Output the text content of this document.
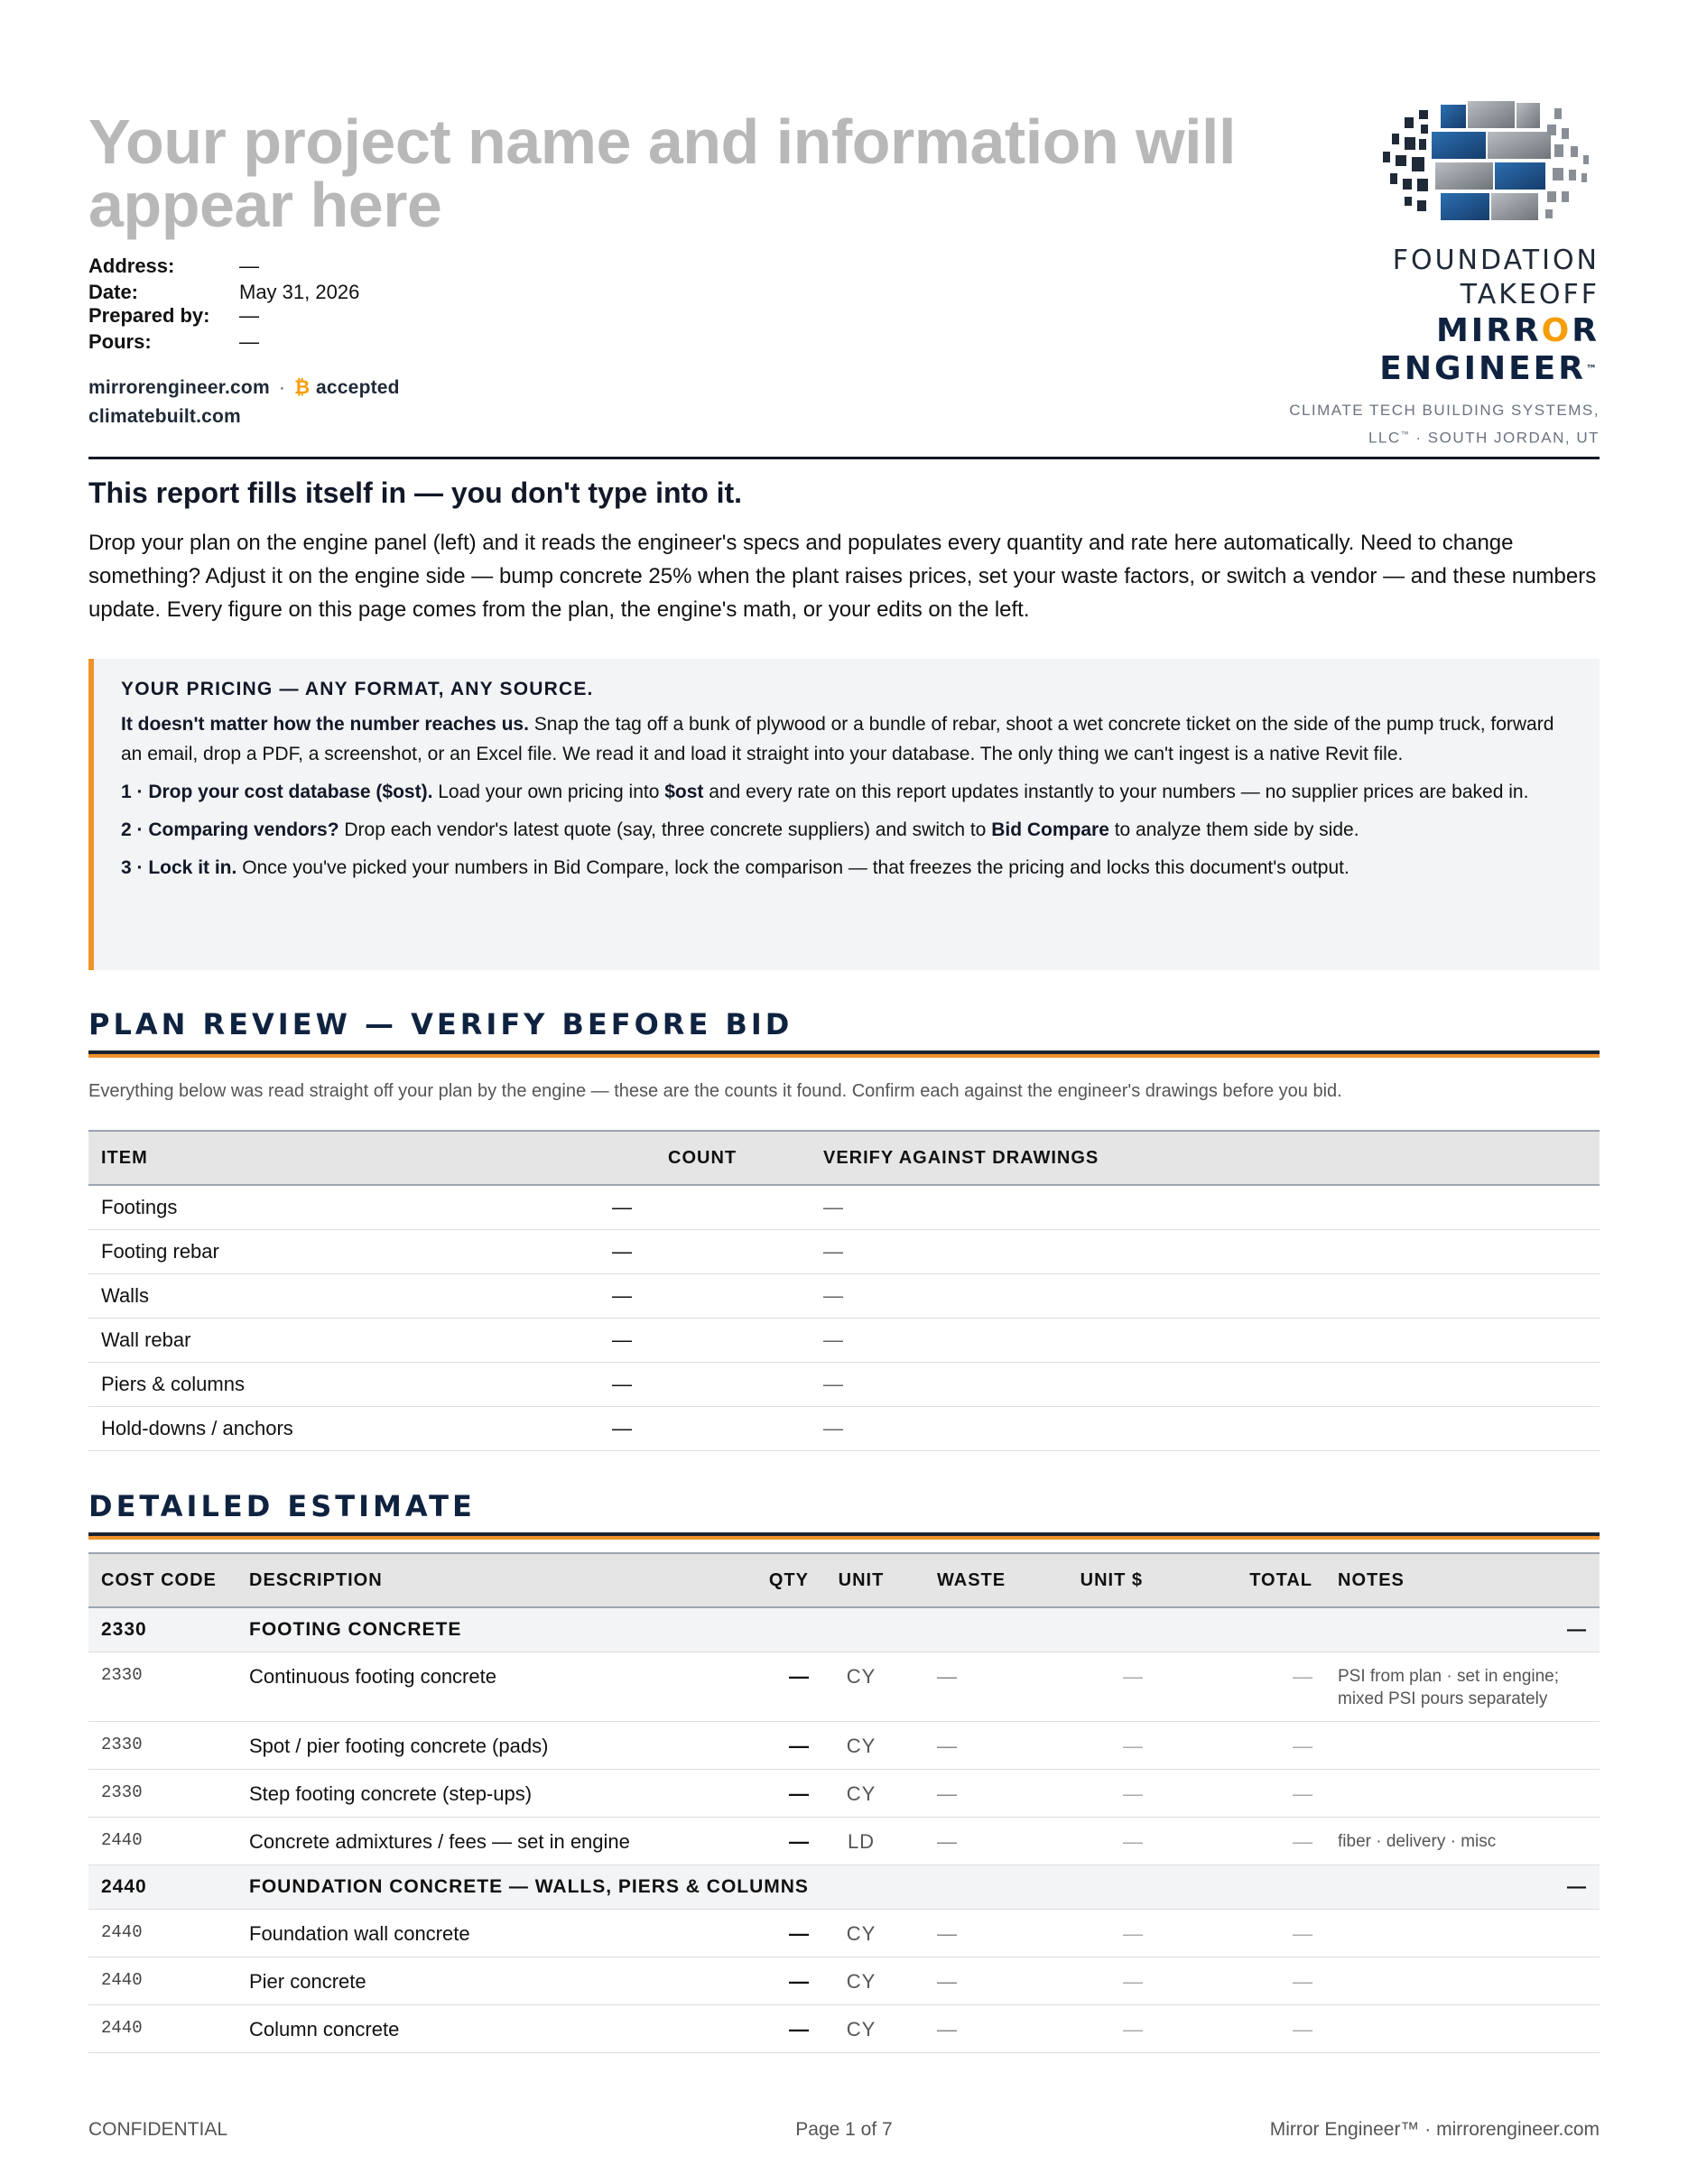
Your project name and information will appear here
Address:	—
Date:	May 31, 2026
Prepared by:	—
Pours:	—
mirrorengineer.com · ₿ accepted
climatebuilt.com
FOUNDATION
TAKEOFF
MIRROR
ENGINEER™
CLIMATE TECH BUILDING SYSTEMS,
LLC™ · SOUTH JORDAN, UT
This report fills itself in — you don't type into it.

Drop your plan on the engine panel (left) and it reads the engineer's specs and populates every quantity and rate here automatically. Need to change something? Adjust it on the engine side — bump concrete 25% when the plant raises prices, set your waste factors, or switch a vendor — and these numbers update. Every figure on this page comes from the plan, the engine's math, or your edits on the left.

YOUR PRICING — ANY FORMAT, ANY SOURCE.

It doesn't matter how the number reaches us. Snap the tag off a bunk of plywood or a bundle of rebar, shoot a wet concrete ticket on the side of the pump truck, forward an email, drop a PDF, a screenshot, or an Excel file. We read it and load it straight into your database. The only thing we can't ingest is a native Revit file.

1 · Drop your cost database ($ost). Load your own pricing into $ost and every rate on this report updates instantly to your numbers — no supplier prices are baked in.

2 · Comparing vendors? Drop each vendor's latest quote (say, three concrete suppliers) and switch to Bid Compare to analyze them side by side.

3 · Lock it in. Once you've picked your numbers in Bid Compare, lock the comparison — that freezes the pricing and locks this document's output.

PLAN REVIEW — VERIFY BEFORE BID
Everything below was read straight off your plan by the engine — these are the counts it found. Confirm each against the engineer's drawings before you bid.
ITEM	COUNT	VERIFY AGAINST DRAWINGS
Footings	—	—
Footing rebar	—	—
Walls	—	—
Wall rebar	—	—
Piers & columns	—	—
Hold-downs / anchors	—	—
DETAILED ESTIMATE
COST CODE	DESCRIPTION	QTY	UNIT	WASTE	UNIT $	TOTAL	NOTES
2330	FOOTING CONCRETE						—
2330	Continuous footing concrete	—	CY	—	—	—	PSI from plan · set in engine; mixed PSI pours separately
2330	Spot / pier footing concrete (pads)	—	CY	—	—	—	
2330	Step footing concrete (step-ups)	—	CY	—	—	—	
2440	Concrete admixtures / fees — set in engine	—	LD	—	—	—	fiber · delivery · misc
2440	FOUNDATION CONCRETE — WALLS, PIERS & COLUMNS						—
2440	Foundation wall concrete	—	CY	—	—	—	
2440	Pier concrete	—	CY	—	—	—	
2440	Column concrete	—	CY	—	—	—	
CONFIDENTIAL	Page 1 of 7	Mirror Engineer™ · mirrorengineer.com
